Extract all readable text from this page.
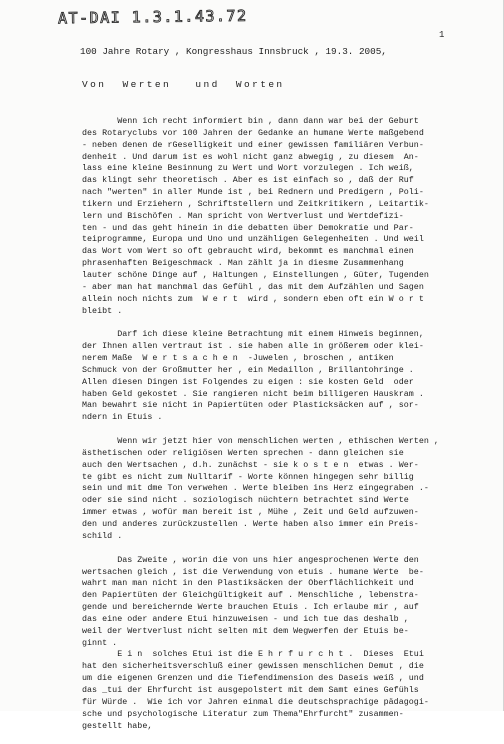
AT-DAI 1.3.1.43.72
1
100 Jahre Rotary , Kongresshaus Innsbruck , 19.3. 2005,
Von  Werten   und  Worten
Wenn ich recht informiert bin , dann dann war bei der Geburt
des Rotaryclubs vor 100 Jahren der Gedanke an humane Werte maßgebend
- neben denen de rGeselligkeit und einer gewissen familiären Verbun-
denheit . Und darum ist es wohl nicht ganz abwegig , zu diesem  An-
lass eine kleine Besinnung zu Wert und Wort vorzulegen . Ich weiß,
das klingt sehr theoretisch . Aber es ist einfach so , daß der Ruf
nach "werten" in aller Munde ist , bei Rednern und Predigern , Poli-
tikern und Erziehern , Schriftstellern und Zeitkritikern , Leitartik-
lern und Bischöfen . Man spricht von Wertverlust und Wertdefizi-
ten - und das geht hinein in die debatten über Demokratie und Par-
teiprogramme, Europa und Uno und unzähligen Gelegenheiten . Und weil
das Wort vom Wert so oft gebraucht wird, bekommt es manchmal einen
phrasenhaften Beigeschmack . Man zählt ja in diesme Zusammenhang
lauter schöne Dinge auf , Haltungen , Einstellungen , Güter, Tugenden
- aber man hat manchmal das Gefühl , das mit dem Aufzählen und Sagen
allein noch nichts zum  W e r t  wird , sondern eben oft ein W o r t
bleibt .
Darf ich diese kleine Betrachtung mit einem Hinweis beginnen,
der Ihnen allen vertraut ist . sie haben alle in größerem oder klei-
nerem Maße  W e r t s a c h e n  -Juwelen , broschen , antiken
Schmuck von der Großmutter her , ein Medaillon , Brillantohringe .
Allen diesen Dingen ist Folgendes zu eigen : sie kosten Geld  oder
haben Geld gekostet . Sie rangieren nicht beim billigeren Hauskram .
Man bewahrt sie nicht in Papiertüten oder Plasticksäcken auf , sor-
ndern in Etuis .
Wenn wir jetzt hier von menschlichen werten , ethischen Werten ,
ästhetischen oder religiösen Werten sprechen - dann gleichen sie
auch den Wertsachen , d.h. zunächst - sie k o s t e n  etwas . Wer-
te gibt es nicht zum Nulltarif - Worte können hingegen sehr billig
sein und mit dme Ton verwehen . Werte bleiben ins Herz eingegraben .-
oder sie sind nicht . soziologisch nüchtern betrachtet sind Werte
immer etwas , wofür man bereit ist , Mühe , Zeit und Geld aufzuwen-
den und anderes zurückzustellen . Werte haben also immer ein Preis-
schild .
Das Zweite , worin die von uns hier angesprochenen Werte den
wertsachen gleich , ist die Verwendung von etuis . humane Werte  be-
wahrt man man nicht in den Plastiksäcken der Oberflächlichkeit und
den Papiertüten der Gleichgültigkeit auf . Menschliche , lebenstra-
gende und bereichernde Werte brauchen Etuis . Ich erlaube mir , auf
das eine oder andere Etui hinzuweisen - und ich tue das deshalb ,
weil der Wertverlust nicht selten mit dem Wegwerfen der Etuis be-
ginnt .
E i n  solches Etui ist die E h r f u r c h t .  Dieses  Etui
hat den sicherheitsverschluß einer gewissen menschlichen Demut , die
um die eigenen Grenzen und die Tiefendimension des Daseis weiß , und
das _tui der Ehrfurcht ist ausgepolstert mit dem Samt eines Gefühls
für Würde .  Wie ich vor Jahren einmal die deutschsprachige pädagogi-
sche und psychologische Literatur zum Thema"Ehrfurcht" zusammen-
gestellt habe,
